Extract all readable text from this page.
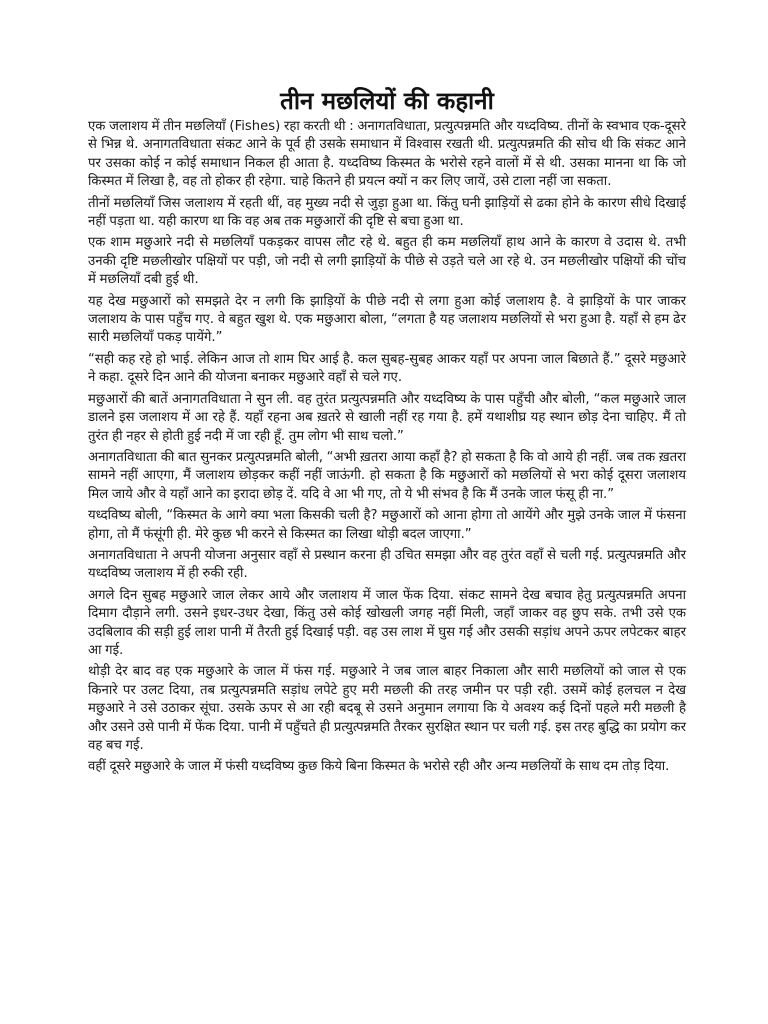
तीन मछलियों की कहानी

एक जलाशय में तीन मछलियाँ (Fishes) रहा करती थी : अनागतविधाता, प्रत्युत्पन्नमति और यध्दविष्य. तीनों के स्वभाव एक-दूसरे से भिन्न थे. अनागतविधाता संकट आने के पूर्व ही उसके समाधान में विश्वास रखती थी. प्रत्युत्पन्नमति की सोच थी कि संकट आने पर उसका कोई न कोई समाधान निकल ही आता है. यध्दविष्य किस्मत के भरोसे रहने वालों में से थी. उसका मानना था कि जो किस्मत में लिखा है, वह तो होकर ही रहेगा. चाहे कितने ही प्रयत्न क्यों न कर लिए जायें, उसे टाला नहीं जा सकता.

तीनों मछलियाँ जिस जलाशय में रहती थीं, वह मुख्य नदी से जुड़ा हुआ था. किंतु घनी झाड़ियों से ढका होने के कारण सीधे दिखाई नहीं पड़ता था. यही कारण था कि वह अब तक मछुआरों की दृष्टि से बचा हुआ था.

एक शाम मछुआरे नदी से मछलियाँ पकड़कर वापस लौट रहे थे. बहुत ही कम मछलियाँ हाथ आने के कारण वे उदास थे. तभी उनकी दृष्टि मछलीखोर पक्षियों पर पड़ी, जो नदी से लगी झाड़ियों के पीछे से उड़ते चले आ रहे थे. उन मछलीखोर पक्षियों की चोंच में मछलियाँ दबी हुई थी.

यह देख मछुआरों को समझते देर न लगी कि झाड़ियों के पीछे नदी से लगा हुआ कोई जलाशय है. वे झाड़ियों के पार जाकर जलाशय के पास पहुँच गए. वे बहुत खुश थे. एक मछुआरा बोला, “लगता है यह जलाशय मछलियों से भरा हुआ है. यहाँ से हम ढेर सारी मछलियाँ पकड़ पायेंगे.”

“सही कह रहे हो भाई. लेकिन आज तो शाम घिर आई है. कल सुबह-सुबह आकर यहाँ पर अपना जाल बिछाते हैं.” दूसरे मछुआरे ने कहा. दूसरे दिन आने की योजना बनाकर मछुआरे वहाँ से चले गए.

मछुआरों की बातें अनागतविधाता ने सुन ली. वह तुरंत प्रत्युत्पन्नमति और यध्दविष्य के पास पहुँची और बोली, “कल मछुआरे जाल डालने इस जलाशय में आ रहे हैं. यहाँ रहना अब ख़तरे से खाली नहीं रह गया है. हमें यथाशीघ्र यह स्थान छोड़ देना चाहिए. मैं तो तुरंत ही नहर से होती हुई नदी में जा रही हूँ. तुम लोग भी साथ चलो.”

अनागतविधाता की बात सुनकर प्रत्युत्पन्नमति बोली, “अभी ख़तरा आया कहाँ है? हो सकता है कि वो आये ही नहीं. जब तक ख़तरा सामने नहीं आएगा, मैं जलाशय छोड़कर कहीं नहीं जाऊंगी. हो सकता है कि मछुआरों को मछलियों से भरा कोई दूसरा जलाशय मिल जाये और वे यहाँ आने का इरादा छोड़ दें. यदि वे आ भी गए, तो ये भी संभव है कि मैं उनके जाल फंसू ही ना.”

यध्दविष्य बोली, “किस्मत के आगे क्या भला किसकी चली है? मछुआरों को आना होगा तो आयेंगे और मुझे उनके जाल में फंसना होगा, तो मैं फंसूंगी ही. मेरे कुछ भी करने से किस्मत का लिखा थोड़ी बदल जाएगा.”

अनागतविधाता ने अपनी योजना अनुसार वहाँ से प्रस्थान करना ही उचित समझा और वह तुरंत वहाँ से चली गई. प्रत्युत्पन्नमति और यध्दविष्य जलाशय में ही रुकी रही.

अगले दिन सुबह मछुआरे जाल लेकर आये और जलाशय में जाल फेंक दिया. संकट सामने देख बचाव हेतु प्रत्युत्पन्नमति अपना दिमाग दौड़ाने लगी. उसने इधर-उधर देखा, किंतु उसे कोई खोखली जगह नहीं मिली, जहाँ जाकर वह छुप सके. तभी उसे एक उदबिलाव की सड़ी हुई लाश पानी में तैरती हुई दिखाई पड़ी. वह उस लाश में घुस गई और उसकी सड़ांध अपने ऊपर लपेटकर बाहर आ गई.

थोड़ी देर बाद वह एक मछुआरे के जाल में फंस गई. मछुआरे ने जब जाल बाहर निकाला और सारी मछलियों को जाल से एक किनारे पर उलट दिया, तब प्रत्युत्पन्नमति सड़ांध लपेटे हुए मरी मछली की तरह जमीन पर पड़ी रही. उसमें कोई हलचल न देख मछुआरे ने उसे उठाकर सूंघा. उसके ऊपर से आ रही बदबू से उसने अनुमान लगाया कि ये अवश्य कई दिनों पहले मरी मछली है और उसने उसे पानी में फेंक दिया. पानी में पहुँचते ही प्रत्युत्पन्नमति तैरकर सुरक्षित स्थान पर चली गई. इस तरह बुद्धि का प्रयोग कर वह बच गई.

वहीं दूसरे मछुआरे के जाल में फंसी यध्दविष्य कुछ किये बिना किस्मत के भरोसे रही और अन्य मछलियों के साथ दम तोड़ दिया.
